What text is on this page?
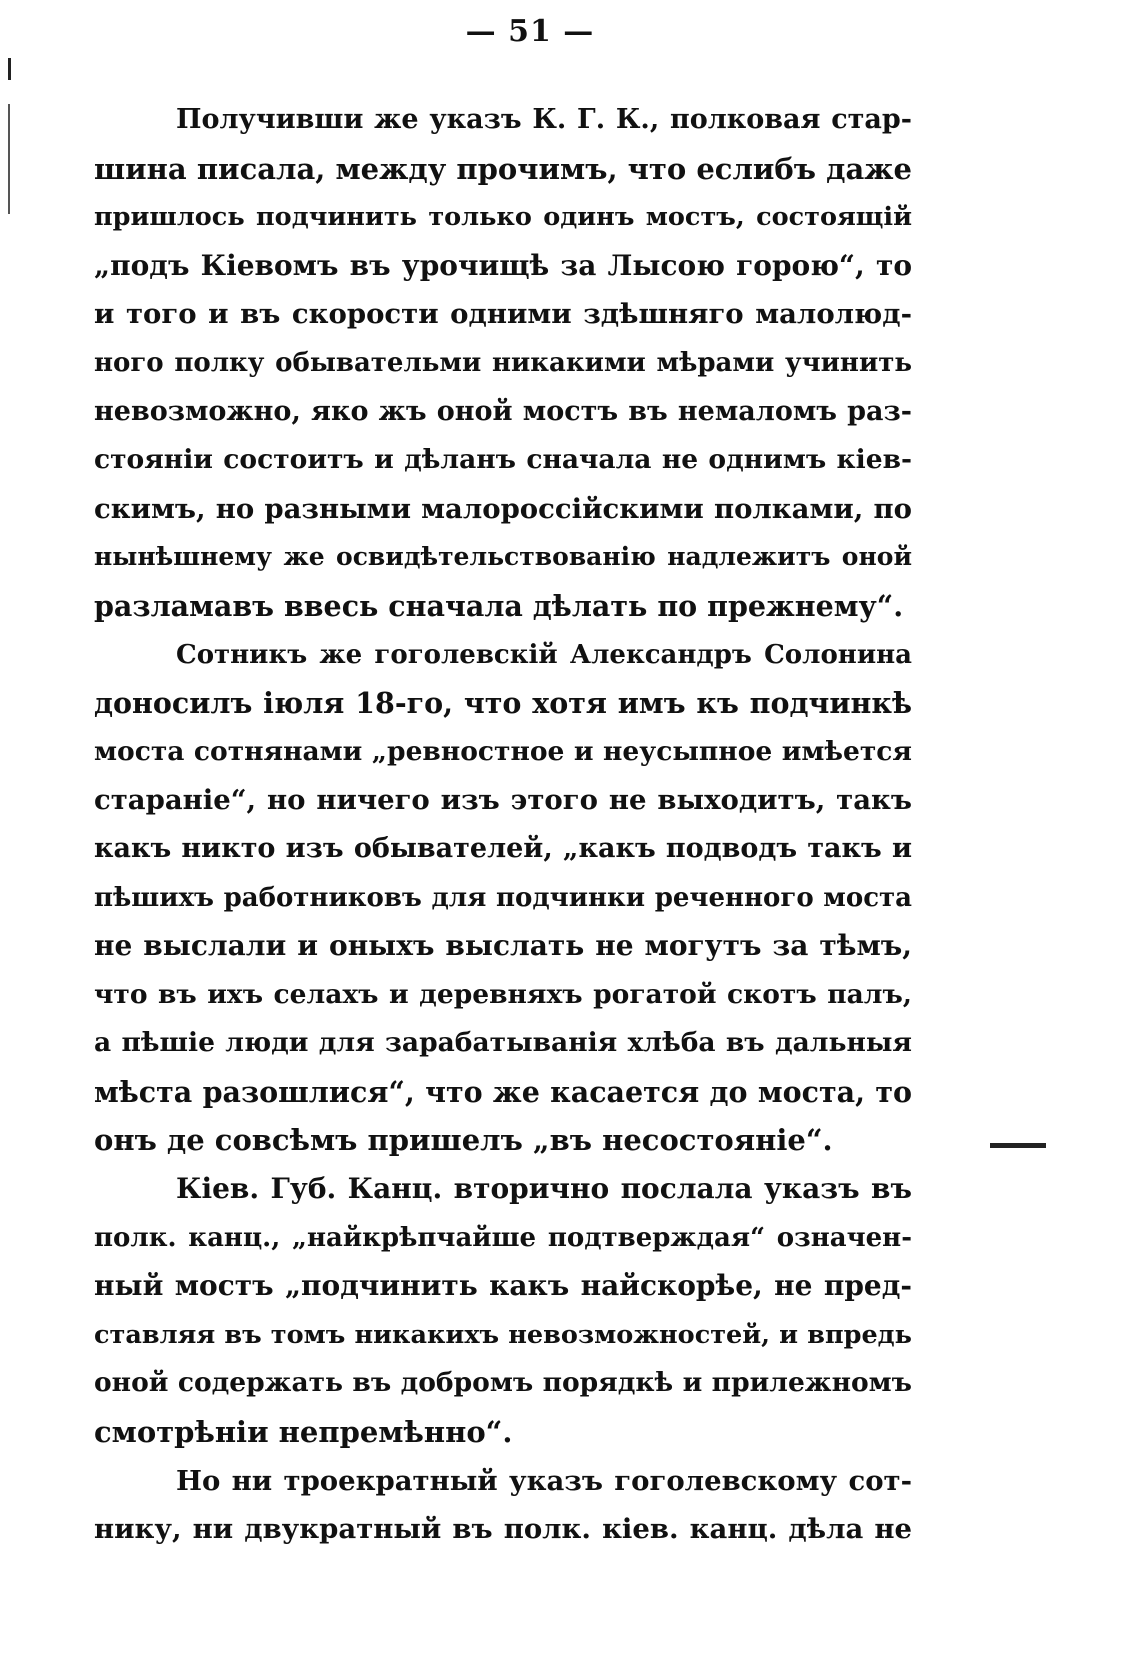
— 51 —
Получивши же указъ К. Г. К., полковая стар-
шина писала, между прочимъ, что еслибъ даже
пришлось подчинить только одинъ мостъ, состоящій
„подъ Кіевомъ въ урочищѣ за Лысою горою“, то
и того и въ скорости одними здѣшняго малолюд-
ного полку обывательми никакими мѣрами учинить
невозможно, яко жъ оной мостъ въ немаломъ раз-
стояніи состоитъ и дѣланъ сначала не однимъ кіев-
скимъ, но разными малороссійскими полками, по
нынѣшнему же освидѣтельствованію надлежитъ оной
разламавъ ввесь сначала дѣлать по прежнему“.
Сотникъ же гоголевскій Александръ Солонина
доносилъ іюля 18-го, что хотя имъ къ подчинкѣ
моста сотнянами „ревностное и неусыпное имѣется
стараніе“, но ничего изъ этого не выходитъ, такъ
какъ никто изъ обывателей, „какъ подводъ такъ и
пѣшихъ работниковъ для подчинки реченного моста
не выслали и оныхъ выслать не могутъ за тѣмъ,
что въ ихъ селахъ и деревняхъ рогатой скотъ палъ,
а пѣшіе люди для зарабатыванія хлѣба въ дальныя
мѣста разошлися“, что же касается до моста, то
онъ де совсѣмъ пришелъ „въ несостояніе“.
Кіев. Губ. Канц. вторично послала указъ въ
полк. канц., „найкрѣпчайше подтверждая“ означен-
ный мостъ „подчинить какъ найскорѣе, не пред-
ставляя въ томъ никакихъ невозможностей, и впредь
оной содержать въ добромъ порядкѣ и прилежномъ
смотрѣніи непремѣнно“.
Но ни троекратный указъ гоголевскому сот-
нику, ни двукратный въ полк. кіев. канц. дѣла не
